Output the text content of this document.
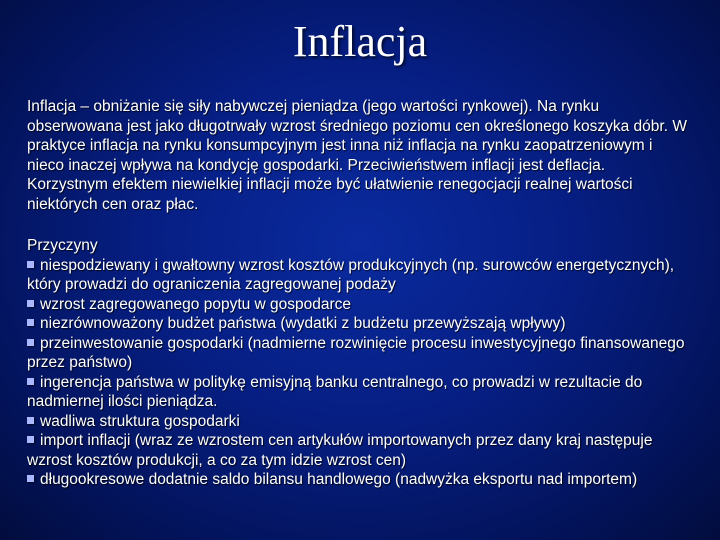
Inflacja

Inflacja – obniżanie się siły nabywczej pieniądza (jego wartości rynkowej). Na rynku obserwowana jest jako długotrwały wzrost średniego poziomu cen określonego koszyka dóbr. W praktyce inflacja na rynku konsumpcyjnym jest inna niż inflacja na rynku zaopatrzeniowym i nieco inaczej wpływa na kondycję gospodarki. Przeciwieństwem inflacji jest deflacja.

Korzystnym efektem niewielkiej inflacji może być ułatwienie renegocjacji realnej wartości niektórych cen oraz płac.

Przyczyny

niespodziewany i gwałtowny wzrost kosztów produkcyjnych (np. surowców energetycznych), który prowadzi do ograniczenia zagregowanej podaży

wzrost zagregowanego popytu w gospodarce

niezrównoważony budżet państwa (wydatki z budżetu przewyższają wpływy)

przeinwestowanie gospodarki (nadmierne rozwinięcie procesu inwestycyjnego finansowanego przez państwo)

ingerencja państwa w politykę emisyjną banku centralnego, co prowadzi w rezultacie do nadmiernej ilości pieniądza.

wadliwa struktura gospodarki

import inflacji (wraz ze wzrostem cen artykułów importowanych przez dany kraj następuje wzrost kosztów produkcji, a co za tym idzie wzrost cen)

długookresowe dodatnie saldo bilansu handlowego (nadwyżka eksportu nad importem)
